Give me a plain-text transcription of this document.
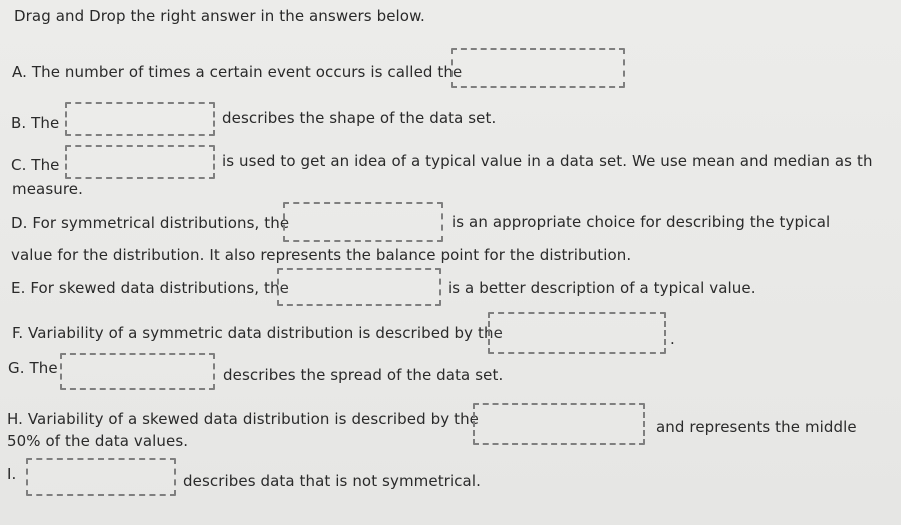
Drag and Drop the right answer in the answers below.
A. The number of times a certain event occurs is called the
B. The	describes the shape of the data set.
C. The	is used to get an idea of a typical value in a data set. We use mean and median as th
measure.
D. For symmetrical distributions, the	is an appropriate choice for describing the typical
value for the distribution. It also represents the balance point for the distribution.
E. For skewed data distributions, the	is a better description of a typical value.
F. Variability of a symmetric data distribution is described by the	.
G. The	describes the spread of the data set.
H. Variability of a skewed data distribution is described by the	and represents the middle
50% of the data values.
I.	describes data that is not symmetrical.
